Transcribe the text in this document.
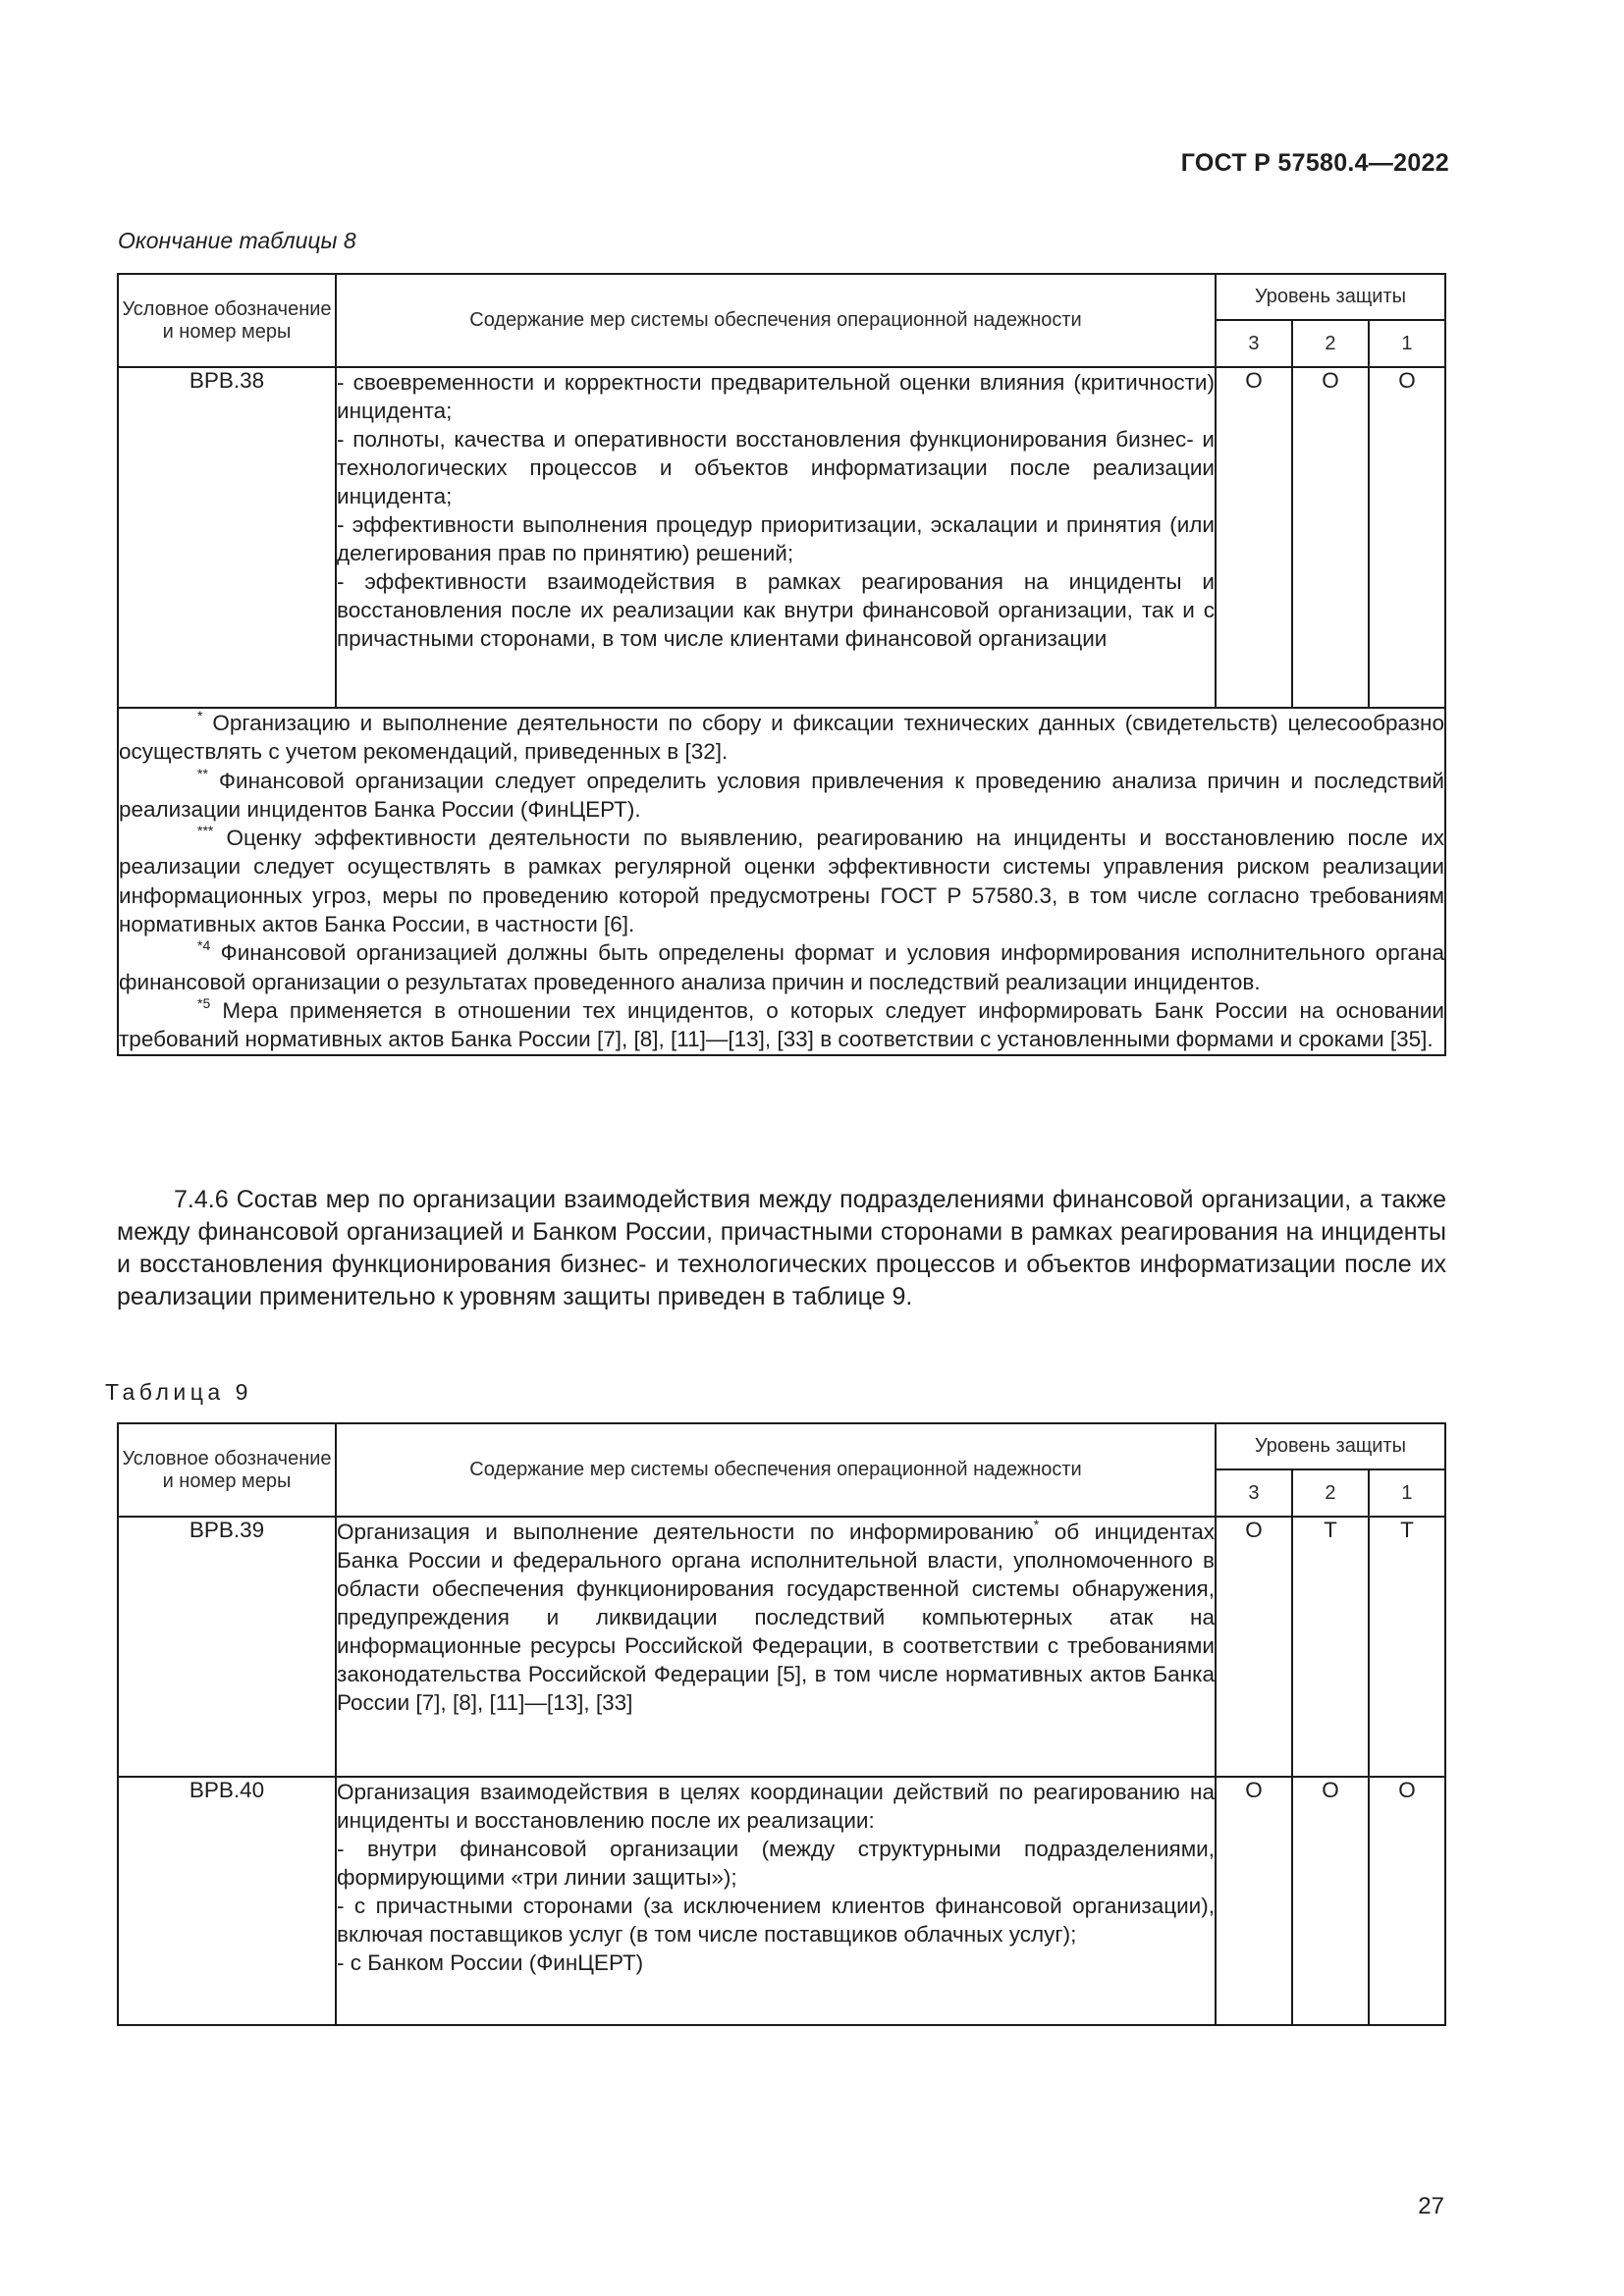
ГОСТ Р 57580.4—2022
Окончание таблицы 8
Условное обозначение и номер меры	Содержание мер системы обеспечения операционной надежности	Уровень защиты		
		3	2	1
ВРВ.38	- своевременности и корректности предварительной оценки влияния (критичности) инцидента;
- полноты, качества и оперативности восстановления функционирования бизнес- и технологических процессов и объектов информатизации после реализации инцидента;
- эффективности выполнения процедур приоритизации, эскалации и принятия (или делегирования прав по принятию) решений;
- эффективности взаимодействия в рамках реагирования на инциденты и восстановления после их реализации как внутри финансовой организации, так и с причастными сторонами, в том числе клиентами финансовой организации	О	О	О

* Организацию и выполнение деятельности по сбору и фиксации технических данных (свидетельств) целесообразно осуществлять с учетом рекомендаций, приведенных в [32].
** Финансовой организации следует определить условия привлечения к проведению анализа причин и последствий реализации инцидентов Банка России (ФинЦЕРТ).
*** Оценку эффективности деятельности по выявлению, реагированию на инциденты и восстановлению после их реализации следует осуществлять в рамках регулярной оценки эффективности системы управления риском реализации информационных угроз, меры по проведению которой предусмотрены ГОСТ Р 57580.3, в том числе согласно требованиям нормативных актов Банка России, в частности [6].
$^{*4}$ Финансовой организацией должны быть определены формат и условия информирования исполнительного органа финансовой организации о результатах проведенного анализа причин и последствий реализации инцидентов.
$^{*5}$ Мера применяется в отношении тех инцидентов, о которых следует информировать Банк России на основании требований нормативных актов Банка России [7], [8], [11]—[13], [33] в соответствии с установленными формами и сроками [35].				
7.4.6 Состав мер по организации взаимодействия между подразделениями финансовой организации, а также между финансовой организацией и Банком России, причастными сторонами в рамках реагирования на инциденты и восстановления функционирования бизнес- и технологических процессов и объектов информатизации после их реализации применительно к уровням защиты приведен в таблице 9.
Таблица 9
Условное обозначение и номер меры	Содержание мер системы обеспечения операционной надежности	Уровень защиты		
		3	2	1
ВРВ.39	Организация и выполнение деятельности по информированию* об инцидентах Банка России и федерального органа исполнительной власти, уполномоченного в области обеспечения функционирования государственной системы обнаружения, предупреждения и ликвидации последствий компьютерных атак на информационные ресурсы Российской Федерации, в соответствии с требованиями законодательства Российской Федерации [5], в том числе нормативных актов Банка России [7], [8], [11]—[13], [33]	О	Т	Т
ВРВ.40	Организация взаимодействия в целях координации действий по реагированию на инциденты и восстановлению после их реализации:
- внутри финансовой организации (между структурными подразделениями, формирующими «три линии защиты»);
- с причастными сторонами (за исключением клиентов финансовой организации), включая поставщиков услуг (в том числе поставщиков облачных услуг);
- с Банком России (ФинЦЕРТ)	О	О	О
27
